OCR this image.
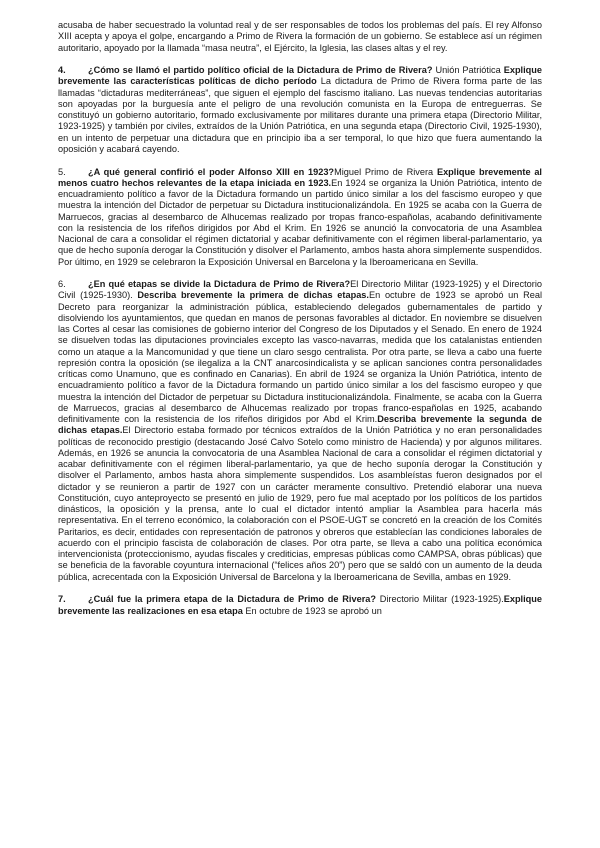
acusaba de haber secuestrado la voluntad real y de ser responsables de todos los problemas del país. El rey Alfonso XIII acepta y apoya el golpe, encargando a Primo de Rivera la formación de un gobierno. Se establece así un régimen autoritario, apoyado por la llamada “masa neutra”, el Ejército, la Iglesia, las clases altas y el rey.

4. ¿Cómo se llamó el partido político oficial de la Dictadura de Primo de Rivera? Unión Patriótica Explique brevemente las características políticas de dicho período La dictadura de Primo de Rivera forma parte de las llamadas “dictaduras mediterráneas”, que siguen el ejemplo del fascismo italiano. Las nuevas tendencias autoritarias son apoyadas por la burguesía ante el peligro de una revolución comunista en la Europa de entreguerras. Se constituyó un gobierno autoritario, formado exclusivamente por militares durante una primera etapa (Directorio Militar, 1923-1925) y también por civiles, extraídos de la Unión Patriótica, en una segunda etapa (Directorio Civil, 1925-1930), en un intento de perpetuar una dictadura que en principio iba a ser temporal, lo que hizo que fuera aumentando la oposición y acabará cayendo.

5. ¿A qué general confirió el poder Alfonso XIII en 1923?Miguel Primo de Rivera Explique brevemente al menos cuatro hechos relevantes de la etapa iniciada en 1923.En 1924 se organiza la Unión Patriótica, intento de encuadramiento político a favor de la Dictadura formando un partido único similar a los del fascismo europeo y que muestra la intención del Dictador de perpetuar su Dictadura institucionalizándola. En 1925 se acaba con la Guerra de Marruecos, gracias al desembarco de Alhucemas realizado por tropas franco-españolas, acabando definitivamente con la resistencia de los rifeños dirigidos por Abd el Krim. En 1926 se anunció la convocatoria de una Asamblea Nacional de cara a consolidar el régimen dictatorial y acabar definitivamente con el régimen liberal-parlamentario, ya que de hecho suponía derogar la Constitución y disolver el Parlamento, ambos hasta ahora simplemente suspendidos. Por último, en 1929 se celebraron la Exposición Universal en Barcelona y la Iberoamericana en Sevilla.

6. ¿En qué etapas se divide la Dictadura de Primo de Rivera?El Directorio Militar (1923-1925) y el Directorio Civil (1925-1930). Describa brevemente la primera de dichas etapas.En octubre de 1923 se aprobó un Real Decreto para reorganizar la administración pública, estableciendo delegados gubernamentales de partido y disolviendo los ayuntamientos, que quedan en manos de personas favorables al dictador. En noviembre se disuelven las Cortes al cesar las comisiones de gobierno interior del Congreso de los Diputados y el Senado. En enero de 1924 se disuelven todas las diputaciones provinciales excepto las vasco-navarras, medida que los catalanistas entienden como un ataque a la Mancomunidad y que tiene un claro sesgo centralista. Por otra parte, se lleva a cabo una fuerte represión contra la oposición (se ilegaliza a la CNT anarcosindicalista y se aplican sanciones contra personalidades críticas como Unamuno, que es confinado en Canarias). En abril de 1924 se organiza la Unión Patriótica, intento de encuadramiento político a favor de la Dictadura formando un partido único similar a los del fascismo europeo y que muestra la intención del Dictador de perpetuar su Dictadura institucionalizándola. Finalmente, se acaba con la Guerra de Marruecos, gracias al desembarco de Alhucemas realizado por tropas franco-españolas en 1925, acabando definitivamente con la resistencia de los rifeños dirigidos por Abd el Krim.Describa brevemente la segunda de dichas etapas.El Directorio estaba formado por técnicos extraídos de la Unión Patriótica y no eran personalidades políticas de reconocido prestigio (destacando José Calvo Sotelo como ministro de Hacienda) y por algunos militares. Además, en 1926 se anuncia la convocatoria de una Asamblea Nacional de cara a consolidar el régimen dictatorial y acabar definitivamente con el régimen liberal-parlamentario, ya que de hecho suponía derogar la Constitución y disolver el Parlamento, ambos hasta ahora simplemente suspendidos. Los asambleístas fueron designados por el dictador y se reunieron a partir de 1927 con un carácter meramente consultivo. Pretendió elaborar una nueva Constitución, cuyo anteproyecto se presentó en julio de 1929, pero fue mal aceptado por los políticos de los partidos dinásticos, la oposición y la prensa, ante lo cual el dictador intentó ampliar la Asamblea para hacerla más representativa. En el terreno económico, la colaboración con el PSOE-UGT se concretó en la creación de los Comités Paritarios, es decir, entidades con representación de patronos y obreros que establecían las condiciones laborales de acuerdo con el principio fascista de colaboración de clases. Por otra parte, se lleva a cabo una política económica intervencionista (proteccionismo, ayudas fiscales y crediticias, empresas públicas como CAMPSA, obras públicas) que se beneficia de la favorable coyuntura internacional (“felices años 20”) pero que se saldó con un aumento de la deuda pública, acrecentada con la Exposición Universal de Barcelona y la Iberoamericana de Sevilla, ambas en 1929.

7. ¿Cuál fue la primera etapa de la Dictadura de Primo de Rivera? Directorio Militar (1923-1925).Explique brevemente las realizaciones en esa etapa En octubre de 1923 se aprobó un
